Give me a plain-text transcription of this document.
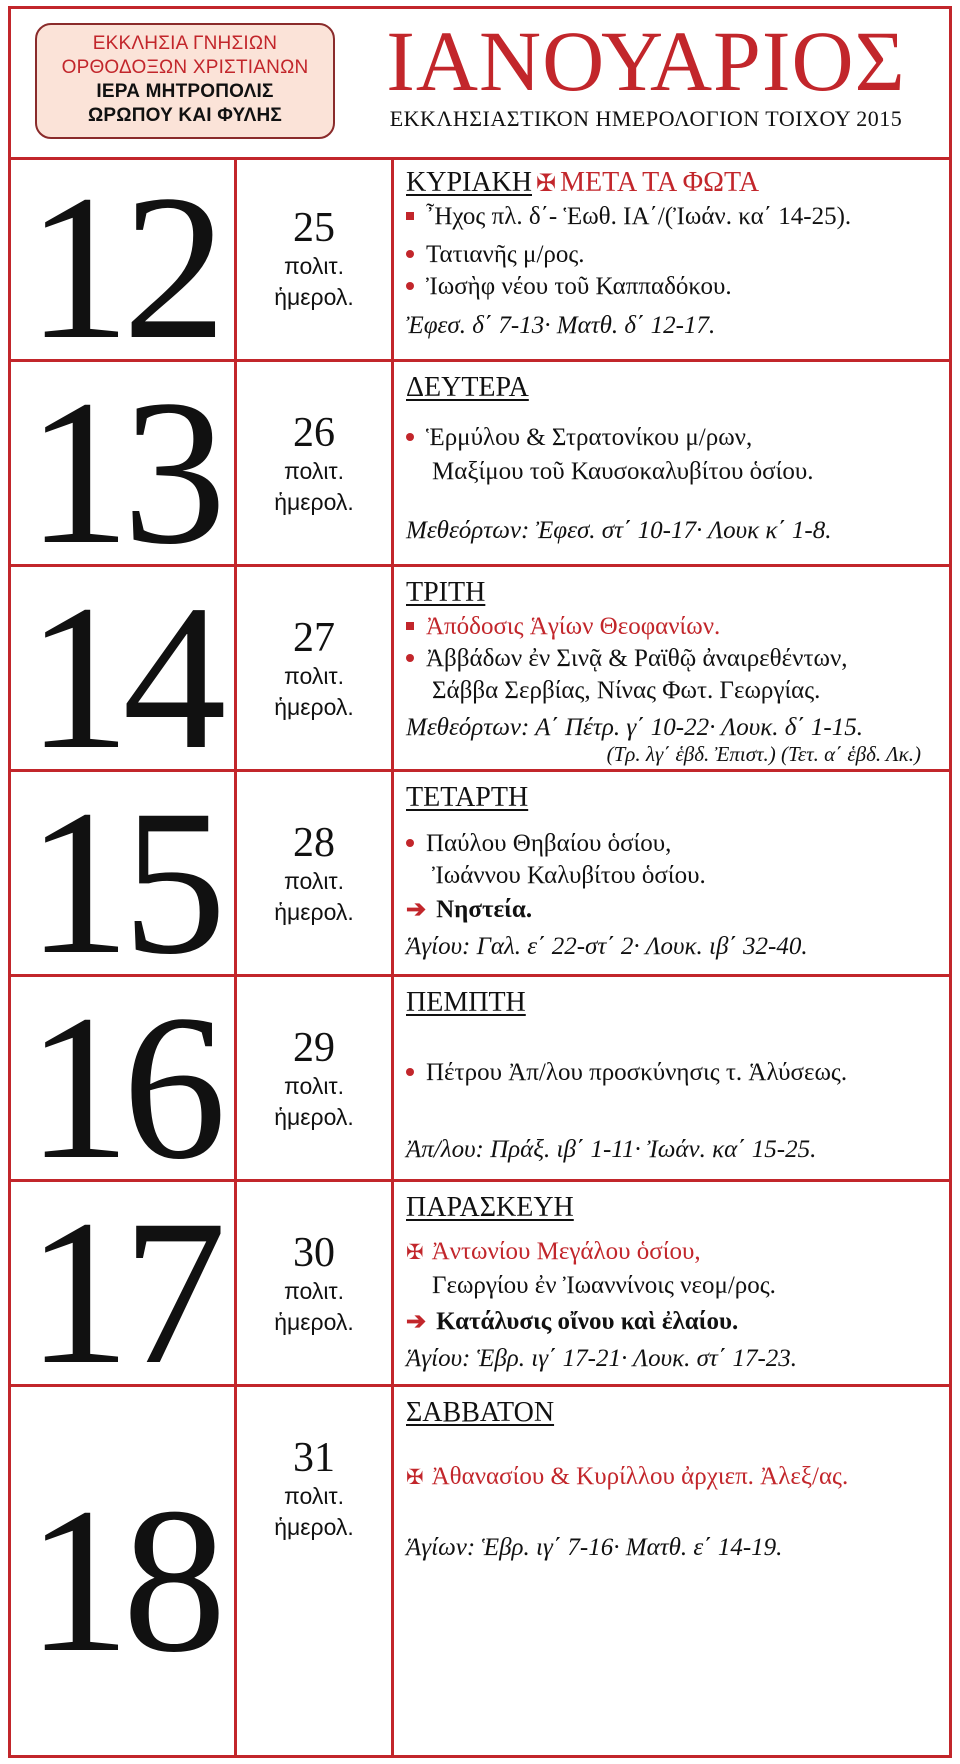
ΕΚΚΛΗΣΙΑ ΓΝΗΣΙΩΝ
ΟΡΘΟΔΟΞΩΝ ΧΡΙΣΤΙΑΝΩΝ
ΙΕΡΑ ΜΗΤΡΟΠΟΛΙΣ
ΩΡΩΠΟΥ ΚΑΙ ΦΥΛΗΣ
ΙΑΝΟΥΑΡΙΟΣ
ΕΚΚΛΗΣΙΑΣΤΙΚΟΝ ΗΜΕΡΟΛΟΓΙΟΝ ΤΟΙΧΟΥ 2015
12	25
πολιτ.
ἡμερολ.
ΚΥΡΙΑΚΗ ✠ ΜΕΤΑ ΤΑ ΦΩΤΑ
῏Ηχος πλ. δ΄- Ἑωθ. ΙΑ΄/(Ἰωάν. κα΄ 14-25).
Τατιανῆς μ/ρος.
Ἰωσὴφ νέου τοῦ Καππαδόκου.
Ἐφεσ. δ΄ 7-13· Ματθ. δ΄ 12-17.
13	26
πολιτ.
ἡμερολ.
ΔΕΥΤΕΡΑ
Ἑρμύλου & Στρατονίκου μ/ρων,
Μαξίμου τοῦ Καυσοκαλυβίτου ὁσίου.
Μεθεόρτων: Ἐφεσ. στ΄ 10-17· Λουκ κ΄ 1-8.
14	27
πολιτ.
ἡμερολ.
ΤΡΙΤΗ
Ἀπόδοσις Ἁγίων Θεοφανίων.
Ἀββάδων ἐν Σινᾷ & Ραϊθῷ ἀναιρεθέντων,
Σάββα Σερβίας, Νίνας Φωτ. Γεωργίας.
Μεθεόρτων: Α΄ Πέτρ. γ΄ 10-22· Λουκ. δ΄ 1-15.
(Τρ. λγ΄ ἑβδ. Ἐπιστ.) (Τετ. α΄ ἑβδ. Λκ.)
15	28
πολιτ.
ἡμερολ.
ΤΕΤΑΡΤΗ
Παύλου Θηβαίου ὁσίου,
Ἰωάννου Καλυβίτου ὁσίου.
➔ Νηστεία.
Ἁγίου: Γαλ. ε΄ 22-στ΄ 2· Λουκ. ιβ΄ 32-40.
16	29
πολιτ.
ἡμερολ.
ΠΕΜΠΤΗ
Πέτρου Ἀπ/λου προσκύνησις τ. Ἁλύσεως.
Ἀπ/λου: Πράξ. ιβ΄ 1-11· Ἰωάν. κα΄ 15-25.
17	30
πολιτ.
ἡμερολ.
ΠΑΡΑΣΚΕΥΗ
✠ Ἀντωνίου Μεγάλου ὁσίου,
Γεωργίου ἐν Ἰωαννίνοις νεομ/ρος.
➔ Κατάλυσις οἴνου καὶ ἐλαίου.
Ἁγίου: Ἑβρ. ιγ΄ 17-21· Λουκ. στ΄ 17-23.
18
31
πολιτ.
ἡμερολ.
ΣΑΒΒΑΤΟΝ
✠ Ἀθανασίου & Κυρίλλου ἀρχιεπ. Ἀλεξ/ας.
Ἁγίων: Ἑβρ. ιγ΄ 7-16· Ματθ. ε΄ 14-19.
